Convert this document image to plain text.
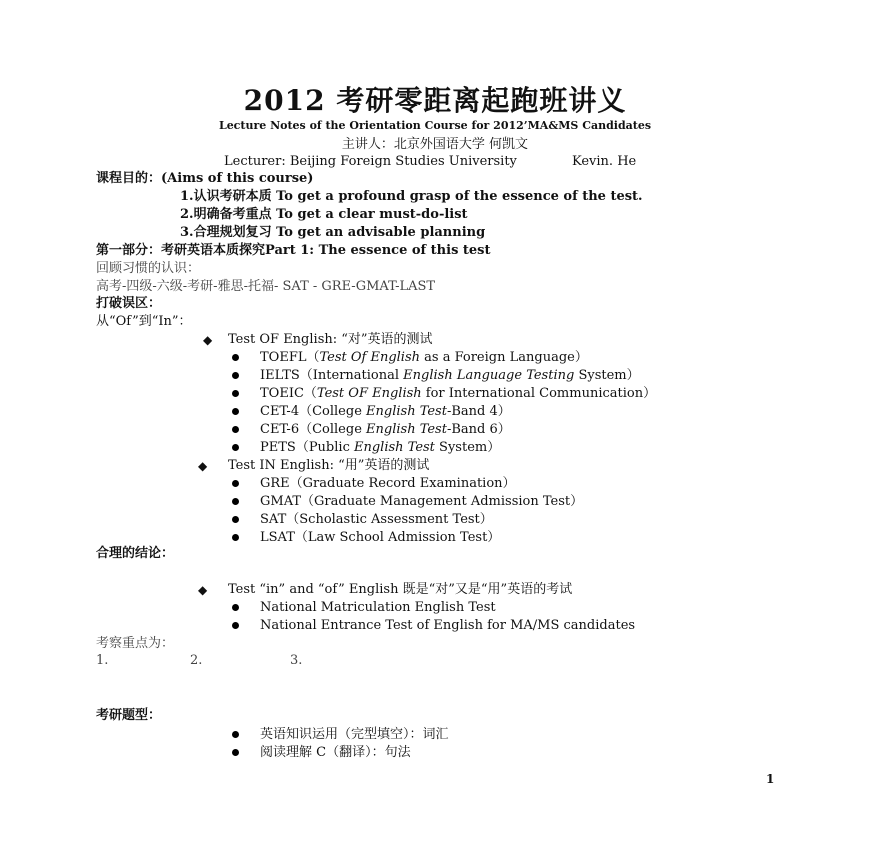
2012 考研零距离起跑班讲义
Lecture Notes of the Orientation Course for 2012’MA&MS Candidates
主讲人：北京外国语大学 何凯文
Lecturer: Beijing Foreign Studies University	Kevin. He
课程目的：(Aims of this course)
1.认识考研本质 To get a profound grasp of the essence of the test.
2.明确备考重点 To get a clear must-do-list
3.合理规划复习 To get an advisable planning
第一部分：考研英语本质探究Part 1: The essence of this test
回顾习惯的认识：
高考-四级-六级-考研-雅思-托福- SAT - GRE-GMAT-LAST
打破误区：
从“Of”到“In”：
◆ Test OF English: “对”英语的测试
TOEFL（Test Of English as a Foreign Language）
IELTS（International English Language Testing System）
TOEIC（Test OF English for International Communication）
CET-4（College English Test-Band 4）
CET-6（College English Test-Band 6）
PETS（Public English Test System）
◆ Test IN English: “用”英语的测试
GRE（Graduate Record Examination）
GMAT（Graduate Management Admission Test）
SAT（Scholastic Assessment Test）
LSAT（Law School Admission Test）
合理的结论：
◆ Test “in” and “of” English 既是“对”又是“用”英语的考试
National Matriculation English Test
National Entrance Test of English for MA/MS candidates
考察重点为：
1.	2.	3.
考研题型：
英语知识运用（完型填空）：词汇
阅读理解 C（翻译）：句法
1
